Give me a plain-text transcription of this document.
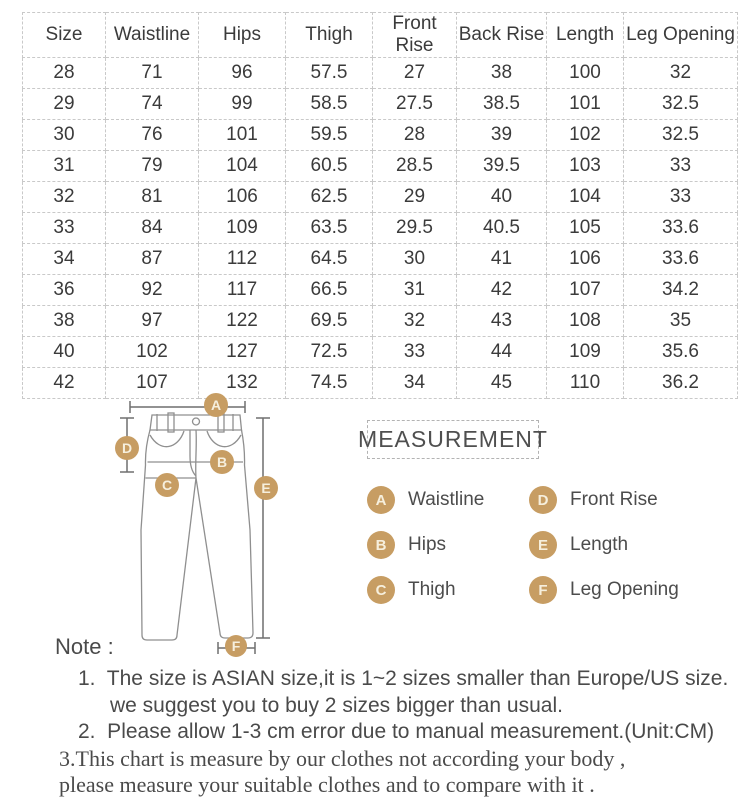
Size	Waistline	Hips	Thigh	Front Rise	Back Rise	Length	Leg Opening
28	71	96	57.5	27	38	100	32
29	74	99	58.5	27.5	38.5	101	32.5
30	76	101	59.5	28	39	102	32.5
31	79	104	60.5	28.5	39.5	103	33
32	81	106	62.5	29	40	104	33
33	84	109	63.5	29.5	40.5	105	33.6
34	87	112	64.5	30	41	106	33.6
36	92	117	66.5	31	42	107	34.2
38	97	122	69.5	32	43	108	35
40	102	127	72.5	33	44	109	35.6
42	107	132	74.5	34	45	110	36.2
A
D
B
C	E
F
MEASUREMENT
A	Waistline
B	Hips
C	Thigh
D	Front Rise
E	Length
F	Leg Opening

Note :

1.  The size is ASIAN size,it is 1~2 sizes smaller than Europe/US size.

we suggest you to buy 2 sizes bigger than usual.

2.  Please allow 1-3 cm error due to manual measurement.(Unit:CM)

3.This chart is measure by our clothes not according your body ,

please measure your suitable clothes and to compare with it .
